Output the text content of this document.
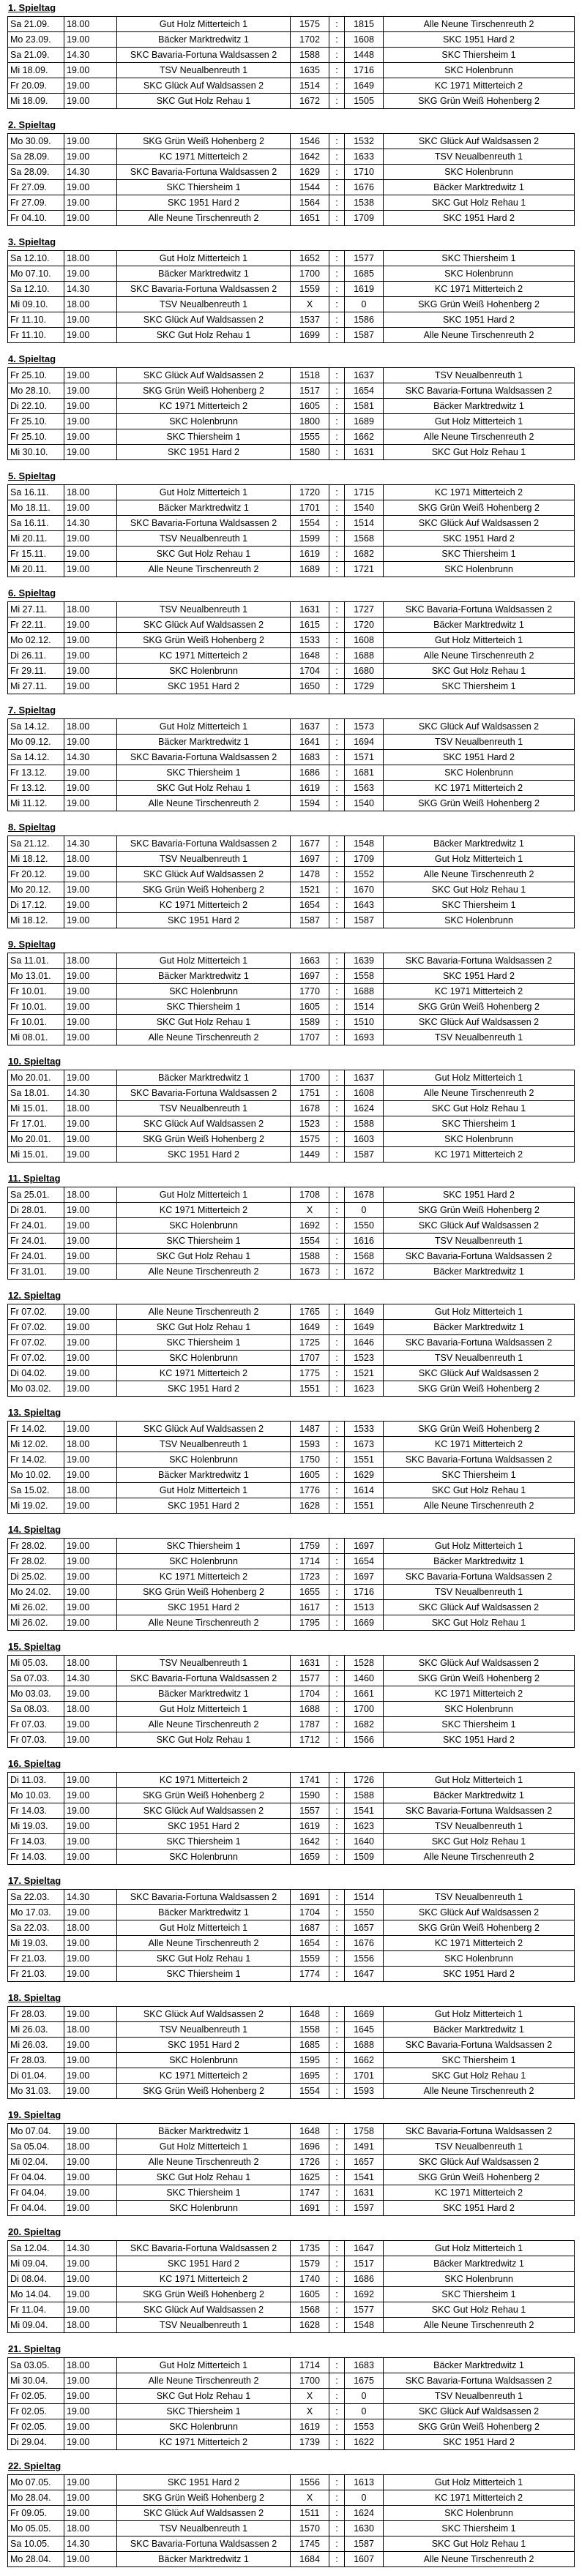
1. Spieltag
Sa 21.09.	18.00	Gut Holz Mitterteich 1	1575	:	1815	Alle Neune Tirschenreuth 2
Mo 23.09.	19.00	Bäcker Marktredwitz 1	1702	:	1608	SKC 1951 Hard 2
Sa 21.09.	14.30	SKC Bavaria-Fortuna Waldsassen 2	1588	:	1448	SKC Thiersheim 1
Mi 18.09.	19.00	TSV Neualbenreuth 1	1635	:	1716	SKC Holenbrunn
Fr 20.09.	19.00	SKC Glück Auf Waldsassen 2	1514	:	1649	KC 1971 Mitterteich 2
Mi 18.09.	19.00	SKC Gut Holz Rehau 1	1672	:	1505	SKG Grün Weiß Hohenberg 2
2. Spieltag
Mo 30.09.	19.00	SKG Grün Weiß Hohenberg 2	1546	:	1532	SKC Glück Auf Waldsassen 2
Sa 28.09.	19.00	KC 1971 Mitterteich 2	1642	:	1633	TSV Neualbenreuth 1
Sa 28.09.	14.30	SKC Bavaria-Fortuna Waldsassen 2	1629	:	1710	SKC Holenbrunn
Fr 27.09.	19.00	SKC Thiersheim 1	1544	:	1676	Bäcker Marktredwitz 1
Fr 27.09.	19.00	SKC 1951 Hard 2	1564	:	1538	SKC Gut Holz Rehau 1
Fr 04.10.	19.00	Alle Neune Tirschenreuth 2	1651	:	1709	SKC 1951 Hard 2
3. Spieltag
Sa 12.10.	18.00	Gut Holz Mitterteich 1	1652	:	1577	SKC Thiersheim 1
Mo 07.10.	19.00	Bäcker Marktredwitz 1	1700	:	1685	SKC Holenbrunn
Sa 12.10.	14.30	SKC Bavaria-Fortuna Waldsassen 2	1559	:	1619	KC 1971 Mitterteich 2
Mi 09.10.	18.00	TSV Neualbenreuth 1	X	:	0	SKG Grün Weiß Hohenberg 2
Fr 11.10.	19.00	SKC Glück Auf Waldsassen 2	1537	:	1586	SKC 1951 Hard 2
Fr 11.10.	19.00	SKC Gut Holz Rehau 1	1699	:	1587	Alle Neune Tirschenreuth 2
4. Spieltag
Fr 25.10.	19.00	SKC Glück Auf Waldsassen 2	1518	:	1637	TSV Neualbenreuth 1
Mo 28.10.	19.00	SKG Grün Weiß Hohenberg 2	1517	:	1654	SKC Bavaria-Fortuna Waldsassen 2
Di 22.10.	19.00	KC 1971 Mitterteich 2	1605	:	1581	Bäcker Marktredwitz 1
Fr 25.10.	19.00	SKC Holenbrunn	1800	:	1689	Gut Holz Mitterteich 1
Fr 25.10.	19.00	SKC Thiersheim 1	1555	:	1662	Alle Neune Tirschenreuth 2
Mi 30.10.	19.00	SKC 1951 Hard 2	1580	:	1631	SKC Gut Holz Rehau 1
5. Spieltag
Sa 16.11.	18.00	Gut Holz Mitterteich 1	1720	:	1715	KC 1971 Mitterteich 2
Mo 18.11.	19.00	Bäcker Marktredwitz 1	1701	:	1540	SKG Grün Weiß Hohenberg 2
Sa 16.11.	14.30	SKC Bavaria-Fortuna Waldsassen 2	1554	:	1514	SKC Glück Auf Waldsassen 2
Mi 20.11.	19.00	TSV Neualbenreuth 1	1599	:	1568	SKC 1951 Hard 2
Fr 15.11.	19.00	SKC Gut Holz Rehau 1	1619	:	1682	SKC Thiersheim 1
Mi 20.11.	19.00	Alle Neune Tirschenreuth 2	1689	:	1721	SKC Holenbrunn
6. Spieltag
Mi 27.11.	18.00	TSV Neualbenreuth 1	1631	:	1727	SKC Bavaria-Fortuna Waldsassen 2
Fr 22.11.	19.00	SKC Glück Auf Waldsassen 2	1615	:	1720	Bäcker Marktredwitz 1
Mo 02.12.	19.00	SKG Grün Weiß Hohenberg 2	1533	:	1608	Gut Holz Mitterteich 1
Di 26.11.	19.00	KC 1971 Mitterteich 2	1648	:	1688	Alle Neune Tirschenreuth 2
Fr 29.11.	19.00	SKC Holenbrunn	1704	:	1680	SKC Gut Holz Rehau 1
Mi 27.11.	19.00	SKC 1951 Hard 2	1650	:	1729	SKC Thiersheim 1
7. Spieltag
Sa 14.12.	18.00	Gut Holz Mitterteich 1	1637	:	1573	SKC Glück Auf Waldsassen 2
Mo 09.12.	19.00	Bäcker Marktredwitz 1	1641	:	1694	TSV Neualbenreuth 1
Sa 14.12.	14.30	SKC Bavaria-Fortuna Waldsassen 2	1683	:	1571	SKC 1951 Hard 2
Fr 13.12.	19.00	SKC Thiersheim 1	1686	:	1681	SKC Holenbrunn
Fr 13.12.	19.00	SKC Gut Holz Rehau 1	1619	:	1563	KC 1971 Mitterteich 2
Mi 11.12.	19.00	Alle Neune Tirschenreuth 2	1594	:	1540	SKG Grün Weiß Hohenberg 2
8. Spieltag
Sa 21.12.	14.30	SKC Bavaria-Fortuna Waldsassen 2	1677	:	1548	Bäcker Marktredwitz 1
Mi 18.12.	18.00	TSV Neualbenreuth 1	1697	:	1709	Gut Holz Mitterteich 1
Fr 20.12.	19.00	SKC Glück Auf Waldsassen 2	1478	:	1552	Alle Neune Tirschenreuth 2
Mo 20.12.	19.00	SKG Grün Weiß Hohenberg 2	1521	:	1670	SKC Gut Holz Rehau 1
Di 17.12.	19.00	KC 1971 Mitterteich 2	1654	:	1643	SKC Thiersheim 1
Mi 18.12.	19.00	SKC 1951 Hard 2	1587	:	1587	SKC Holenbrunn
9. Spieltag
Sa 11.01.	18.00	Gut Holz Mitterteich 1	1663	:	1639	SKC Bavaria-Fortuna Waldsassen 2
Mo 13.01.	19.00	Bäcker Marktredwitz 1	1697	:	1558	SKC 1951 Hard 2
Fr 10.01.	19.00	SKC Holenbrunn	1770	:	1688	KC 1971 Mitterteich 2
Fr 10.01.	19.00	SKC Thiersheim 1	1605	:	1514	SKG Grün Weiß Hohenberg 2
Fr 10.01.	19.00	SKC Gut Holz Rehau 1	1589	:	1510	SKC Glück Auf Waldsassen 2
Mi 08.01.	19.00	Alle Neune Tirschenreuth 2	1707	:	1693	TSV Neualbenreuth 1
10. Spieltag
Mo 20.01.	19.00	Bäcker Marktredwitz 1	1700	:	1637	Gut Holz Mitterteich 1
Sa 18.01.	14.30	SKC Bavaria-Fortuna Waldsassen 2	1751	:	1608	Alle Neune Tirschenreuth 2
Mi 15.01.	18.00	TSV Neualbenreuth 1	1678	:	1624	SKC Gut Holz Rehau 1
Fr 17.01.	19.00	SKC Glück Auf Waldsassen 2	1523	:	1588	SKC Thiersheim 1
Mo 20.01.	19.00	SKG Grün Weiß Hohenberg 2	1575	:	1603	SKC Holenbrunn
Mi 15.01.	19.00	SKC 1951 Hard 2	1449	:	1587	KC 1971 Mitterteich 2
11. Spieltag
Sa 25.01.	18.00	Gut Holz Mitterteich 1	1708	:	1678	SKC 1951 Hard 2
Di 28.01.	19.00	KC 1971 Mitterteich 2	X	:	0	SKG Grün Weiß Hohenberg 2
Fr 24.01.	19.00	SKC Holenbrunn	1692	:	1550	SKC Glück Auf Waldsassen 2
Fr 24.01.	19.00	SKC Thiersheim 1	1554	:	1616	TSV Neualbenreuth 1
Fr 24.01.	19.00	SKC Gut Holz Rehau 1	1588	:	1568	SKC Bavaria-Fortuna Waldsassen 2
Fr 31.01.	19.00	Alle Neune Tirschenreuth 2	1673	:	1672	Bäcker Marktredwitz 1
12. Spieltag
Fr 07.02.	19.00	Alle Neune Tirschenreuth 2	1765	:	1649	Gut Holz Mitterteich 1
Fr 07.02.	19.00	SKC Gut Holz Rehau 1	1649	:	1649	Bäcker Marktredwitz 1
Fr 07.02.	19.00	SKC Thiersheim 1	1725	:	1646	SKC Bavaria-Fortuna Waldsassen 2
Fr 07.02.	19.00	SKC Holenbrunn	1707	:	1523	TSV Neualbenreuth 1
Di 04.02.	19.00	KC 1971 Mitterteich 2	1775	:	1521	SKC Glück Auf Waldsassen 2
Mo 03.02.	19.00	SKC 1951 Hard 2	1551	:	1623	SKG Grün Weiß Hohenberg 2
13. Spieltag
Fr 14.02.	19.00	SKC Glück Auf Waldsassen 2	1487	:	1533	SKG Grün Weiß Hohenberg 2
Mi 12.02.	18.00	TSV Neualbenreuth 1	1593	:	1673	KC 1971 Mitterteich 2
Fr 14.02.	19.00	SKC Holenbrunn	1750	:	1551	SKC Bavaria-Fortuna Waldsassen 2
Mo 10.02.	19.00	Bäcker Marktredwitz 1	1605	:	1629	SKC Thiersheim 1
Sa 15.02.	18.00	Gut Holz Mitterteich 1	1776	:	1614	SKC Gut Holz Rehau 1
Mi 19.02.	19.00	SKC 1951 Hard 2	1628	:	1551	Alle Neune Tirschenreuth 2
14. Spieltag
Fr 28.02.	19.00	SKC Thiersheim 1	1759	:	1697	Gut Holz Mitterteich 1
Fr 28.02.	19.00	SKC Holenbrunn	1714	:	1654	Bäcker Marktredwitz 1
Di 25.02.	19.00	KC 1971 Mitterteich 2	1723	:	1697	SKC Bavaria-Fortuna Waldsassen 2
Mo 24.02.	19.00	SKG Grün Weiß Hohenberg 2	1655	:	1716	TSV Neualbenreuth 1
Mi 26.02.	19.00	SKC 1951 Hard 2	1617	:	1513	SKC Glück Auf Waldsassen 2
Mi 26.02.	19.00	Alle Neune Tirschenreuth 2	1795	:	1669	SKC Gut Holz Rehau 1
15. Spieltag
Mi 05.03.	18.00	TSV Neualbenreuth 1	1631	:	1528	SKC Glück Auf Waldsassen 2
Sa 07.03.	14.30	SKC Bavaria-Fortuna Waldsassen 2	1577	:	1460	SKG Grün Weiß Hohenberg 2
Mo 03.03.	19.00	Bäcker Marktredwitz 1	1704	:	1661	KC 1971 Mitterteich 2
Sa 08.03.	18.00	Gut Holz Mitterteich 1	1688	:	1700	SKC Holenbrunn
Fr 07.03.	19.00	Alle Neune Tirschenreuth 2	1787	:	1682	SKC Thiersheim 1
Fr 07.03.	19.00	SKC Gut Holz Rehau 1	1712	:	1566	SKC 1951 Hard 2
16. Spieltag
Di 11.03.	19.00	KC 1971 Mitterteich 2	1741	:	1726	Gut Holz Mitterteich 1
Mo 10.03.	19.00	SKG Grün Weiß Hohenberg 2	1590	:	1588	Bäcker Marktredwitz 1
Fr 14.03.	19.00	SKC Glück Auf Waldsassen 2	1557	:	1541	SKC Bavaria-Fortuna Waldsassen 2
Mi 19.03.	19.00	SKC 1951 Hard 2	1619	:	1623	TSV Neualbenreuth 1
Fr 14.03.	19.00	SKC Thiersheim 1	1642	:	1640	SKC Gut Holz Rehau 1
Fr 14.03.	19.00	SKC Holenbrunn	1659	:	1509	Alle Neune Tirschenreuth 2
17. Spieltag
Sa 22.03.	14.30	SKC Bavaria-Fortuna Waldsassen 2	1691	:	1514	TSV Neualbenreuth 1
Mo 17.03.	19.00	Bäcker Marktredwitz 1	1704	:	1550	SKC Glück Auf Waldsassen 2
Sa 22.03.	18.00	Gut Holz Mitterteich 1	1687	:	1657	SKG Grün Weiß Hohenberg 2
Mi 19.03.	19.00	Alle Neune Tirschenreuth 2	1654	:	1676	KC 1971 Mitterteich 2
Fr 21.03.	19.00	SKC Gut Holz Rehau 1	1559	:	1556	SKC Holenbrunn
Fr 21.03.	19.00	SKC Thiersheim 1	1774	:	1647	SKC 1951 Hard 2
18. Spieltag
Fr 28.03.	19.00	SKC Glück Auf Waldsassen 2	1648	:	1669	Gut Holz Mitterteich 1
Mi 26.03.	18.00	TSV Neualbenreuth 1	1558	:	1645	Bäcker Marktredwitz 1
Mi 26.03.	19.00	SKC 1951 Hard 2	1685	:	1688	SKC Bavaria-Fortuna Waldsassen 2
Fr 28.03.	19.00	SKC Holenbrunn	1595	:	1662	SKC Thiersheim 1
Di 01.04.	19.00	KC 1971 Mitterteich 2	1695	:	1701	SKC Gut Holz Rehau 1
Mo 31.03.	19.00	SKG Grün Weiß Hohenberg 2	1554	:	1593	Alle Neune Tirschenreuth 2
19. Spieltag
Mo 07.04.	19.00	Bäcker Marktredwitz 1	1648	:	1758	SKC Bavaria-Fortuna Waldsassen 2
Sa 05.04.	18.00	Gut Holz Mitterteich 1	1696	:	1491	TSV Neualbenreuth 1
Mi 02.04.	19.00	Alle Neune Tirschenreuth 2	1726	:	1657	SKC Glück Auf Waldsassen 2
Fr 04.04.	19.00	SKC Gut Holz Rehau 1	1625	:	1541	SKG Grün Weiß Hohenberg 2
Fr 04.04.	19.00	SKC Thiersheim 1	1747	:	1631	KC 1971 Mitterteich 2
Fr 04.04.	19.00	SKC Holenbrunn	1691	:	1597	SKC 1951 Hard 2
20. Spieltag
Sa 12.04.	14.30	SKC Bavaria-Fortuna Waldsassen 2	1735	:	1647	Gut Holz Mitterteich 1
Mi 09.04.	19.00	SKC 1951 Hard 2	1579	:	1517	Bäcker Marktredwitz 1
Di 08.04.	19.00	KC 1971 Mitterteich 2	1740	:	1686	SKC Holenbrunn
Mo 14.04.	19.00	SKG Grün Weiß Hohenberg 2	1605	:	1692	SKC Thiersheim 1
Fr 11.04.	19.00	SKC Glück Auf Waldsassen 2	1568	:	1577	SKC Gut Holz Rehau 1
Mi 09.04.	18.00	TSV Neualbenreuth 1	1628	:	1548	Alle Neune Tirschenreuth 2
21. Spieltag
Sa 03.05.	18.00	Gut Holz Mitterteich 1	1714	:	1683	Bäcker Marktredwitz 1
Mi 30.04.	19.00	Alle Neune Tirschenreuth 2	1700	:	1675	SKC Bavaria-Fortuna Waldsassen 2
Fr 02.05.	19.00	SKC Gut Holz Rehau 1	X	:	0	TSV Neualbenreuth 1
Fr 02.05.	19.00	SKC Thiersheim 1	X	:	0	SKC Glück Auf Waldsassen 2
Fr 02.05.	19.00	SKC Holenbrunn	1619	:	1553	SKG Grün Weiß Hohenberg 2
Di 29.04.	19.00	KC 1971 Mitterteich 2	1739	:	1622	SKC 1951 Hard 2
22. Spieltag
Mo 07.05.	19.00	SKC 1951 Hard 2	1556	:	1613	Gut Holz Mitterteich 1
Mo 28.04.	19.00	SKG Grün Weiß Hohenberg 2	X	:	0	KC 1971 Mitterteich 2
Fr 09.05.	19.00	SKC Glück Auf Waldsassen 2	1511	:	1624	SKC Holenbrunn
Mo 05.05.	18.00	TSV Neualbenreuth 1	1570	:	1630	SKC Thiersheim 1
Sa 10.05.	14.30	SKC Bavaria-Fortuna Waldsassen 2	1745	:	1587	SKC Gut Holz Rehau 1
Mo 28.04.	19.00	Bäcker Marktredwitz 1	1684	:	1607	Alle Neune Tirschenreuth 2
